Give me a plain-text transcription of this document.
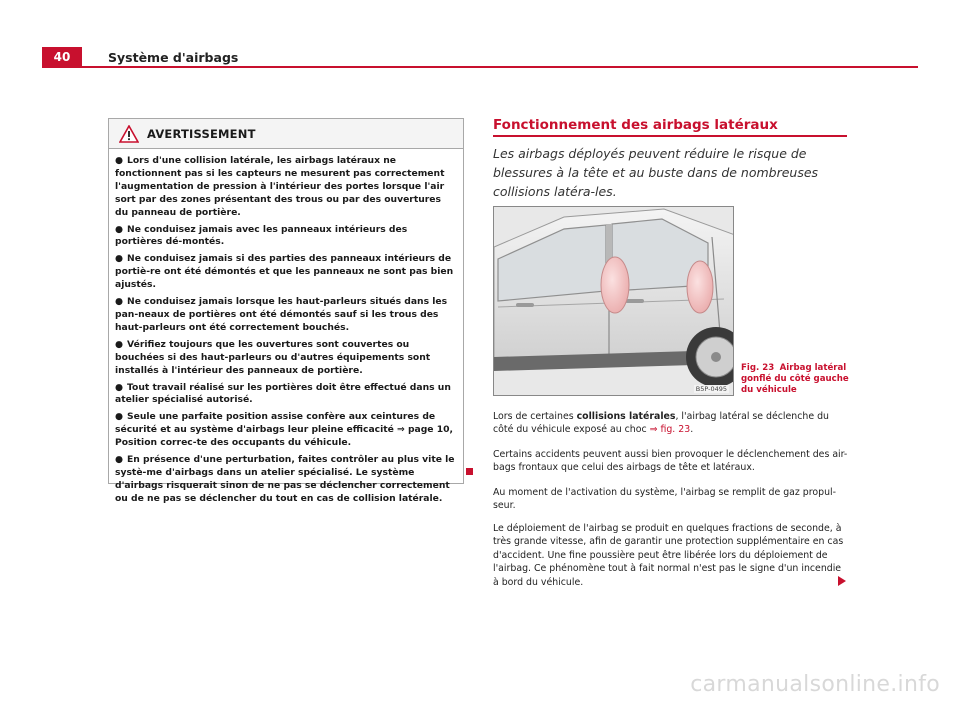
40	Système d'airbags
AVERTISSEMENT

● Lors d'une collision latérale, les airbags latéraux ne fonctionnent pas si les capteurs ne mesurent pas correctement l'augmentation de pression à l'intérieur des portes lorsque l'air sort par des zones présentant des trous ou par des ouvertures du panneau de portière.

● Ne conduisez jamais avec les panneaux intérieurs des portières dé-montés.

● Ne conduisez jamais si des parties des panneaux intérieurs de portiè-re ont été démontés et que les panneaux ne sont pas bien ajustés.

● Ne conduisez jamais lorsque les haut-parleurs situés dans les pan-neaux de portières ont été démontés sauf si les trous des haut-parleurs ont été correctement bouchés.

● Vérifiez toujours que les ouvertures sont couvertes ou bouchées si des haut-parleurs ou d'autres équipements sont installés à l'intérieur des panneaux de portière.

● Tout travail réalisé sur les portières doit être effectué dans un atelier spécialisé autorisé.

● Seule une parfaite position assise confère aux ceintures de sécurité et au système d'airbags leur pleine efficacité ⇒ page 10, Position correc-te des occupants du véhicule.

● En présence d'une perturbation, faites contrôler au plus vite le systè-me d'airbags dans un atelier spécialisé. Le système d'airbags risquerait sinon de ne pas se déclencher correctement ou de ne pas se déclencher du tout en cas de collision latérale.

Fonctionnement des airbags latéraux

Les airbags déployés peuvent réduire le risque de blessures à la tête et au buste dans de nombreuses collisions latéra-les.

B5P-0495
Fig. 23 Airbag latéral gonflé du côté gauche du véhicule

Lors de certaines collisions latérales, l'airbag latéral se déclenche du côté du véhicule exposé au choc ⇒ fig. 23.

Certains accidents peuvent aussi bien provoquer le déclenchement des air-bags frontaux que celui des airbags de tête et latéraux.

Au moment de l'activation du système, l'airbag se remplit de gaz propul-seur.

Le déploiement de l'airbag se produit en quelques fractions de seconde, à très grande vitesse, afin de garantir une protection supplémentaire en cas d'accident. Une fine poussière peut être libérée lors du déploiement de l'airbag. Ce phénomène tout à fait normal n'est pas le signe d'un incendie à bord du véhicule.

carmanualsonline.info
